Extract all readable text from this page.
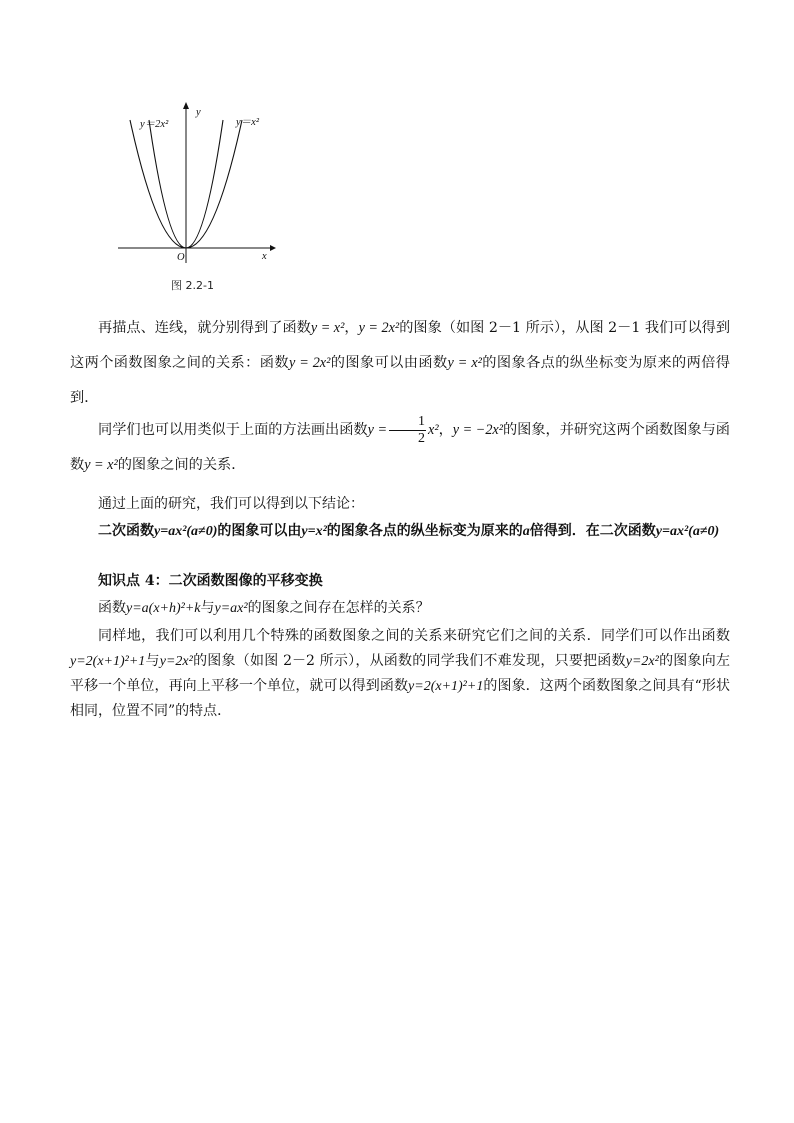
y＝2x²	y＝x²
y
x
O
图 2.2-1

再描点、连线，就分别得到了函数y = x²，y = 2x²的图象（如图 2－1 所示），从图 2－1 我们可以得到这两个函数图象之间的关系：函数y = 2x²的图象可以由函数y = x²的图象各点的纵坐标变为原来的两倍得到．

同学们也可以用类似于上面的方法画出函数$y = \frac{1}{2} x^2$，y = −2x²的图象，并研究这两个函数图象与函数y = x²的图象之间的关系．

通过上面的研究，我们可以得到以下结论：

二次函数y=ax²(a≠0)的图象可以由y=x²的图象各点的纵坐标变为原来的a倍得到．在二次函数y=ax²(a≠0)

知识点 4：二次函数图像的平移变换

函数y=a(x+h)²+k与y=ax²的图象之间存在怎样的关系？

同样地，我们可以利用几个特殊的函数图象之间的关系来研究它们之间的关系．同学们可以作出函数y=2(x+1)²+1与y=2x²的图象（如图 2－2 所示），从函数的同学我们不难发现，只要把函数y=2x²的图象向左平移一个单位，再向上平移一个单位，就可以得到函数y=2(x+1)²+1的图象．这两个函数图象之间具有“形状相同，位置不同”的特点．
